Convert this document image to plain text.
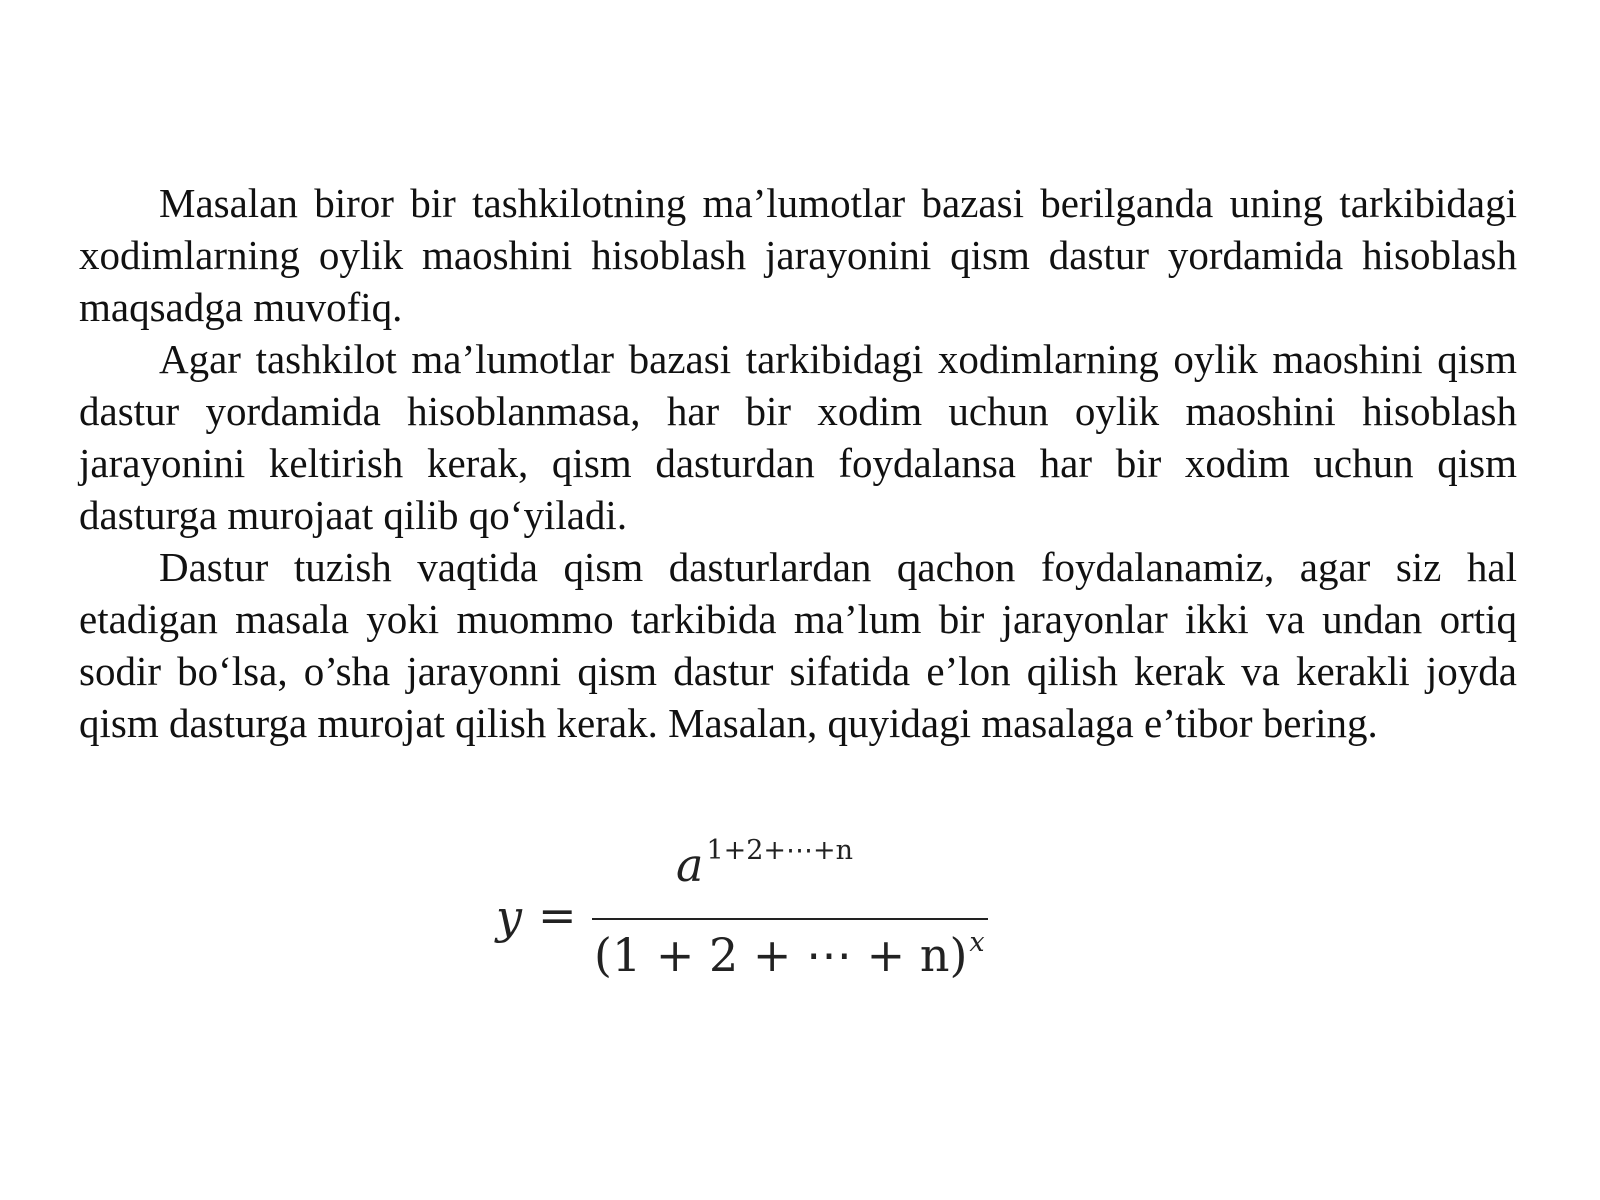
Masalan biror bir tashkilotning ma’lumotlar bazasi berilganda uning tarkibidagi xodimlarning oylik maoshini hisoblash jarayonini qism dastur yordamida hisoblash maqsadga muvofiq.

Agar tashkilot ma’lumotlar bazasi tarkibidagi xodimlarning oylik maoshini qism dastur yordamida hisoblanmasa, har bir xodim uchun oylik maoshini hisoblash jarayonini keltirish kerak, qism dasturdan foydalansa har bir xodim uchun qism dasturga murojaat qilib qo‘yiladi.

Dastur tuzish vaqtida qism dasturlardan qachon foydalanamiz, agar siz hal etadigan masala yoki muommo tarkibida ma’lum bir jarayonlar ikki va undan ortiq sodir bo‘lsa, o’sha jarayonni qism dastur sifatida e’lon qilish kerak va kerakli joyda qism dasturga murojat qilish kerak. Masalan, quyidagi masalaga e’tibor bering.

y =
a $^{1+2+\cdots+n}$
(1 + 2 + ⋯ + n)$^x$
